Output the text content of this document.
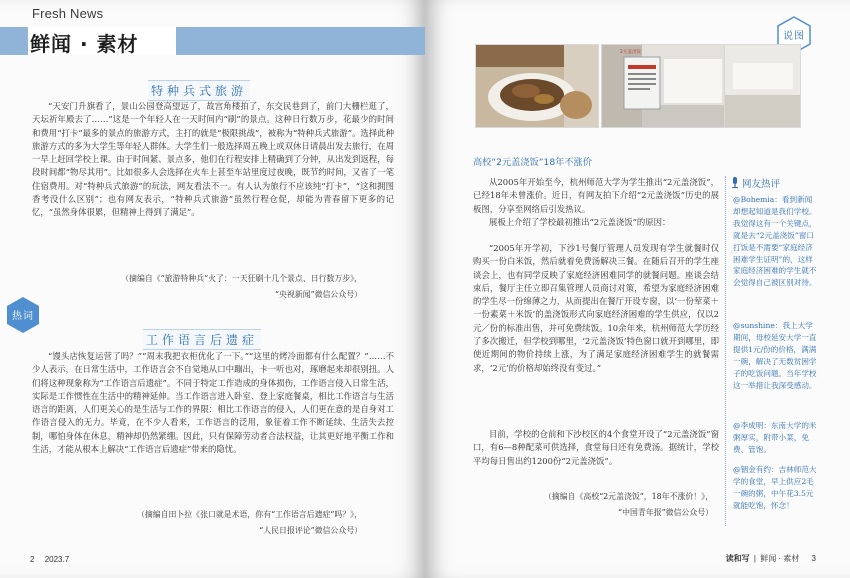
Fresh News
鲜闻 · 素材
特种兵式旅游
“天安门升旗看了，景山公园登高望远了，故宫角楼拍了，东交民巷到了，前门大栅栏逛了，天坛祈年殿去了……”这是一个年轻人在一天时间内“刷”的景点。这种日行数万步，花最少的时间和费用“打卡”最多的景点的旅游方式，主打的就是“极限挑战”，被称为“特种兵式旅游”。选择此种旅游方式的多为大学生等年轻人群体。大学生们一般选择周五晚上或双休日请晨出发去旅行，在周一早上赶回学校上课。由于时间紧、景点多，他们在行程安排上精确到了分钟，从出发到返程，每段时间都“物尽其用”。比如很多人会选择在火车上甚至车站里度过夜晚，既节约时间，又省了一笔住宿费用。对“特种兵式旅游”的玩法，网友看法不一。有人认为旅行不应该纯“打卡”，“这和拥图香考没什么区别”；也有网友表示，“特种兵式旅游”虽然行程仓促，却能为青春留下更多的记忆，“虽然身体很累，但精神上得到了满足”。
（摘编自《“旅游特种兵”火了：一天狂刷十几个景点、日行数万步》，
“央视新闻”微信公众号）
热词
工作语言后遗症
“馒头店恢复运营了吗？”“周末我把衣柜优化了一下。”“这里的烤冷面都有什么配置？”……不少人表示，在日常生活中，工作语言会不自觉地从口中蹦出，卡一听也对，琢磨起来却很别扭。人们将这种现象称为“工作语言后遗症”。不同于特定工作造成的身体损伤，工作语言侵入日常生活，实际是工作惯性在生活中的精神延伸。当工作语言进入卧室、登上家庭餐桌，相比工作语言与生活语言的距离，人们更关心的是生活与工作的界限：相比工作语言的侵入，人们更在意的是自身对工作语言侵入的无力。毕竟，在不少人看来，工作语言的泛用，象征着工作不断延续、生活失去控制，哪怕身体在休息，精神却仍然紧绷。因此，只有保障劳动者合法权益，让其更好地平衡工作和生活，才能从根本上解决“工作语言后遗症”带来的隐忧。
（摘编自田卜拉《张口就是术语，你有“工作语言后遗症”吗？》，
“人民日报评论”微信公众号）
2 2023.7
说图
2元盖浇饭
高校“2元盖浇饭”18年不涨价
从2005年开始至今，杭州师范大学为学生推出“2元盖浇饭”，已经18年未曾涨价。近日，有网友拍下介绍“2元盖浇饭”历史的展板图，分享至网络后引发热议。
展板上介绍了学校最初推出“2元盖浇饭”的原因：
“2005年开学初，下沙1号餐厅管理人员发现有学生就餐时仅购买一份白米饭，然后就着免费汤解决三餐。在随后召开的学生座谈会上，也有同学反映了家庭经济困难同学的就餐问题。座谈会结束后，餐厅主任立即召集管理人员商讨对策，希望为家庭经济困难的学生尽一份绵薄之力，从而提出在餐厅开设专窗，以‘一份荤菜＋一份素菜＋米饭’的盖浇饭形式向家庭经济困难的学生供应，仅以2元／份的标准出售，并可免费续饭。10余年来，杭州师范大学历经了多次搬迁，但学校到哪里，‘2元盖浇饭’特色窗口就开到哪里，即使近期间的物价持续上涨，为了满足家庭经济困难学生的就餐需求，‘2元’的价格却始终没有变过。”
目前，学校的仓前和下沙校区的4个食堂开设了“2元盖浇饭”窗口，有6—8种配菜可供选择，食堂每日还有免费汤。据统计，学校平均每日售出约1200份“2元盖浇饭”。
（摘编自《高校“2元盖浇饭”，18年不涨价！》，
“中国青年报”微信公众号）
网友热评
@Bohemia：看到新闻却想起知道是我们学校。我觉得这有一个关键点，就是去“2元盖浇饭”窗口打饭是不需要“家庭经济困难学生证明”的，这样家庭经济困难的学生就不会觉得自己被区别对待。
@sunshine：我上大学期间，母校延安大学一直提供1元/份的价格，满满一碗，解决了无数贫困学子的吃饭问题。当年学校这一举措让我深受感动。
@李成明：东南大学的米粥厚实，附带小菜，免费、管饱。
@铟金有约：吉林师范大学的食堂，早上供应2毛一碗的粥，中午花3.5元就能吃饱，怀念！
读和写 | 鲜闻 · 素材 3
